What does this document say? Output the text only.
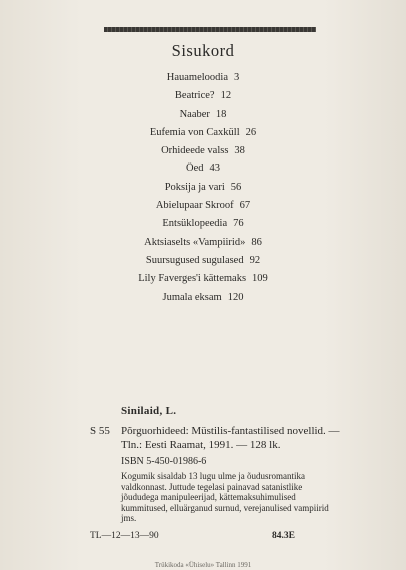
Sisukord
Hauameloodia 3
Beatrice? 12
Naaber 18
Eufemia von Caxküll 26
Orhideede valss 38
Öed 43
Poksija ja vari 56
Abielupaar Skroof 67
Entsüklopeedia 76
Aktsiaselts «Vampiirid» 86
Suursugused sugulased 92
Lily Faverges'i kättemaks 109
Jumala eksam 120
Sinilaid, L.
S 55 Põrguorhideed: Müstilis-fantastilised novellid. — Tln.: Eesti Raamat, 1991. — 128 lk.
ISBN 5-450-01986-6
Kogumik sisaldab 13 lugu ulme ja õudusromantika valdkonnast. Juttude tegelasi painavad satanistlike jõududega manipuleerijad, kättemaksuhimulised kummitused, elluärganud surnud, verejanulised vampiirid jms.
TL—12—13—90	84.3E
Trükikoda «Ühiselu» Tallinn 1991
